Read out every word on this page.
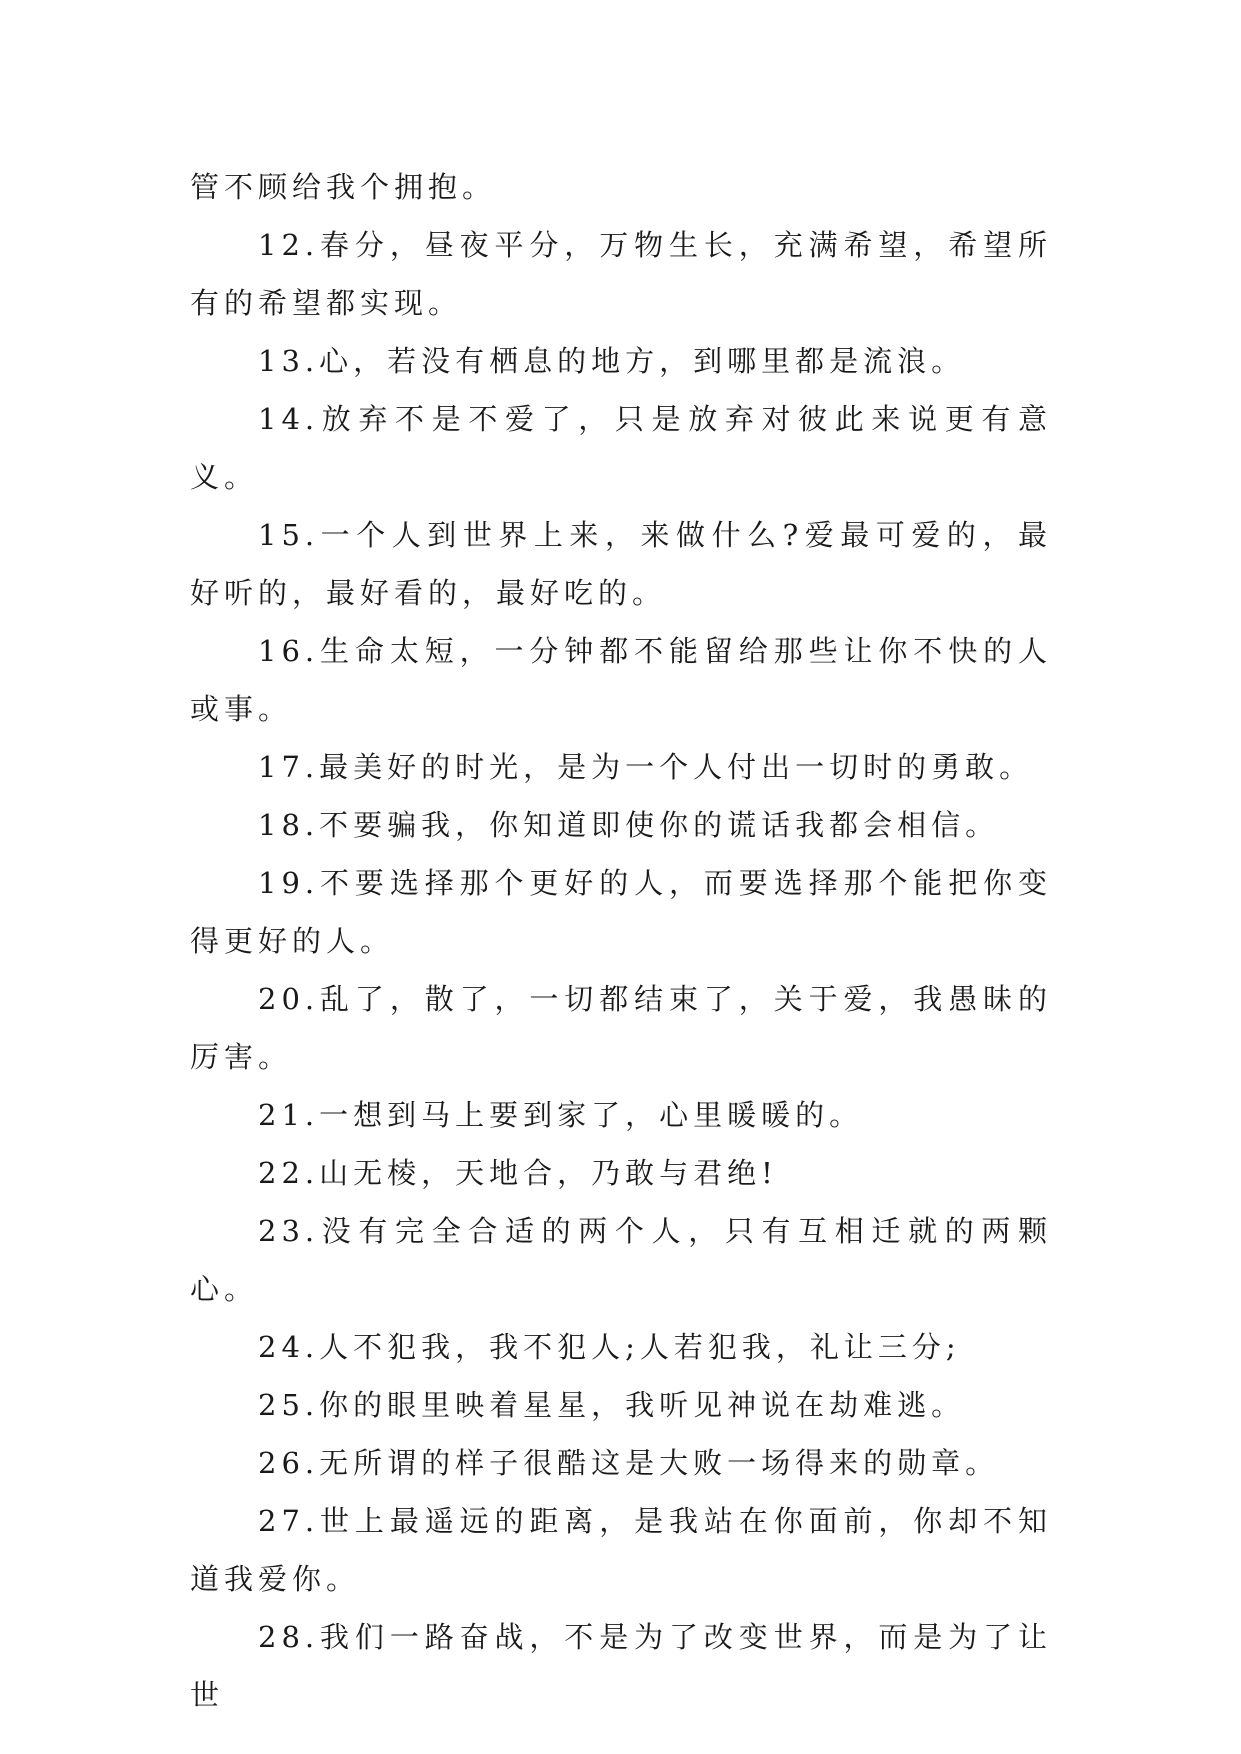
管不顾给我个拥抱。

12.春分，昼夜平分，万物生长，充满希望，希望所有的希望都实现。

13.心，若没有栖息的地方，到哪里都是流浪。

14.放弃不是不爱了，只是放弃对彼此来说更有意义。

15.一个人到世界上来，来做什么?爱最可爱的，最好听的，最好看的，最好吃的。

16.生命太短，一分钟都不能留给那些让你不快的人或事。

17.最美好的时光，是为一个人付出一切时的勇敢。

18.不要骗我，你知道即使你的谎话我都会相信。

19.不要选择那个更好的人，而要选择那个能把你变得更好的人。

20.乱了，散了，一切都结束了，关于爱，我愚昧的厉害。

21.一想到马上要到家了，心里暖暖的。

22.山无棱，天地合，乃敢与君绝!

23.没有完全合适的两个人，只有互相迁就的两颗心。

24.人不犯我，我不犯人;人若犯我，礼让三分;

25.你的眼里映着星星，我听见神说在劫难逃。

26.无所谓的样子很酷这是大败一场得来的勋章。

27.世上最遥远的距离，是我站在你面前，你却不知道我爱你。

28.我们一路奋战，不是为了改变世界，而是为了让世
